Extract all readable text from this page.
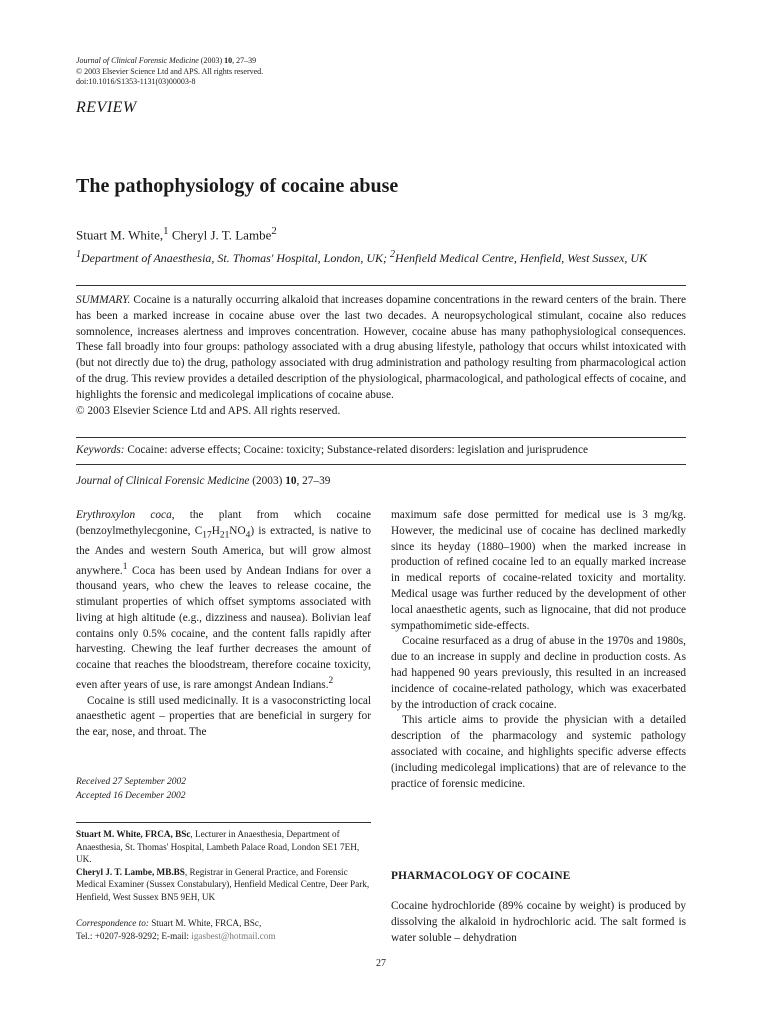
Journal of Clinical Forensic Medicine (2003) 10, 27–39
© 2003 Elsevier Science Ltd and APS. All rights reserved.
doi:10.1016/S1353-1131(03)00003-8
REVIEW
The pathophysiology of cocaine abuse
Stuart M. White,$^1$ Cheryl J. T. Lambe$^2$
$^1$Department of Anaesthesia, St. Thomas' Hospital, London, UK; $^2$Henfield Medical Centre, Henfield, West Sussex, UK
SUMMARY. Cocaine is a naturally occurring alkaloid that increases dopamine concentrations in the reward centers of the brain. There has been a marked increase in cocaine abuse over the last two decades. A neuropsychological stimulant, cocaine also reduces somnolence, increases alertness and improves concentration. However, cocaine abuse has many pathophysiological consequences. These fall broadly into four groups: pathology associated with a drug abusing lifestyle, pathology that occurs whilst intoxicated with (but not directly due to) the drug, pathology associated with drug administration and pathology resulting from pharmacological action of the drug. This review provides a detailed description of the physiological, pharmacological, and pathological effects of cocaine, and highlights the forensic and medicolegal implications of cocaine abuse.
© 2003 Elsevier Science Ltd and APS. All rights reserved.
Keywords: Cocaine: adverse effects; Cocaine: toxicity; Substance-related disorders: legislation and jurisprudence
Journal of Clinical Forensic Medicine (2003) 10, 27–39

Erythroxylon coca, the plant from which cocaine (benzoylmethylecgonine, $C_{17}H_{21}NO_4$) is extracted, is native to the Andes and western South America, but will grow almost anywhere.$^1$ Coca has been used by Andean Indians for over a thousand years, who chew the leaves to release cocaine, the stimulant properties of which offset symptoms associated with living at high altitude (e.g., dizziness and nausea). Bolivian leaf contains only 0.5% cocaine, and the content falls rapidly after harvesting. Chewing the leaf further decreases the amount of cocaine that reaches the bloodstream, therefore cocaine toxicity, even after years of use, is rare amongst Andean Indians.$^2$

Cocaine is still used medicinally. It is a vasoconstricting local anaesthetic agent – properties that are beneficial in surgery for the ear, nose, and throat. The

Received 27 September 2002
Accepted 16 December 2002

Stuart M. White, FRCA, BSc, Lecturer in Anaesthesia, Department of Anaesthesia, St. Thomas' Hospital, Lambeth Palace Road, London SE1 7EH, UK.

Cheryl J. T. Lambe, MB.BS, Registrar in General Practice, and Forensic Medical Examiner (Sussex Constabulary), Henfield Medical Centre, Deer Park, Henfield, West Sussex BN5 9EH, UK

Correspondence to: Stuart M. White, FRCA, BSc,
Tel.: +0207-928-9292; E-mail: igasbest@hotmail.com

maximum safe dose permitted for medical use is 3 mg/kg. However, the medicinal use of cocaine has declined markedly since its heyday (1880–1900) when the marked increase in production of refined cocaine led to an equally marked increase in medical reports of cocaine-related toxicity and mortality. Medical usage was further reduced by the development of other local anaesthetic agents, such as lignocaine, that did not produce sympathomimetic side-effects.

Cocaine resurfaced as a drug of abuse in the 1970s and 1980s, due to an increase in supply and decline in production costs. As had happened 90 years previously, this resulted in an increased incidence of cocaine-related pathology, which was exacerbated by the introduction of crack cocaine.

This article aims to provide the physician with a detailed description of the pharmacology and systemic pathology associated with cocaine, and highlights specific adverse effects (including medicolegal implications) that are of relevance to the practice of forensic medicine.

PHARMACOLOGY OF COCAINE
Cocaine hydrochloride (89% cocaine by weight) is produced by dissolving the alkaloid in hydrochloric acid. The salt formed is water soluble – dehydration
27
